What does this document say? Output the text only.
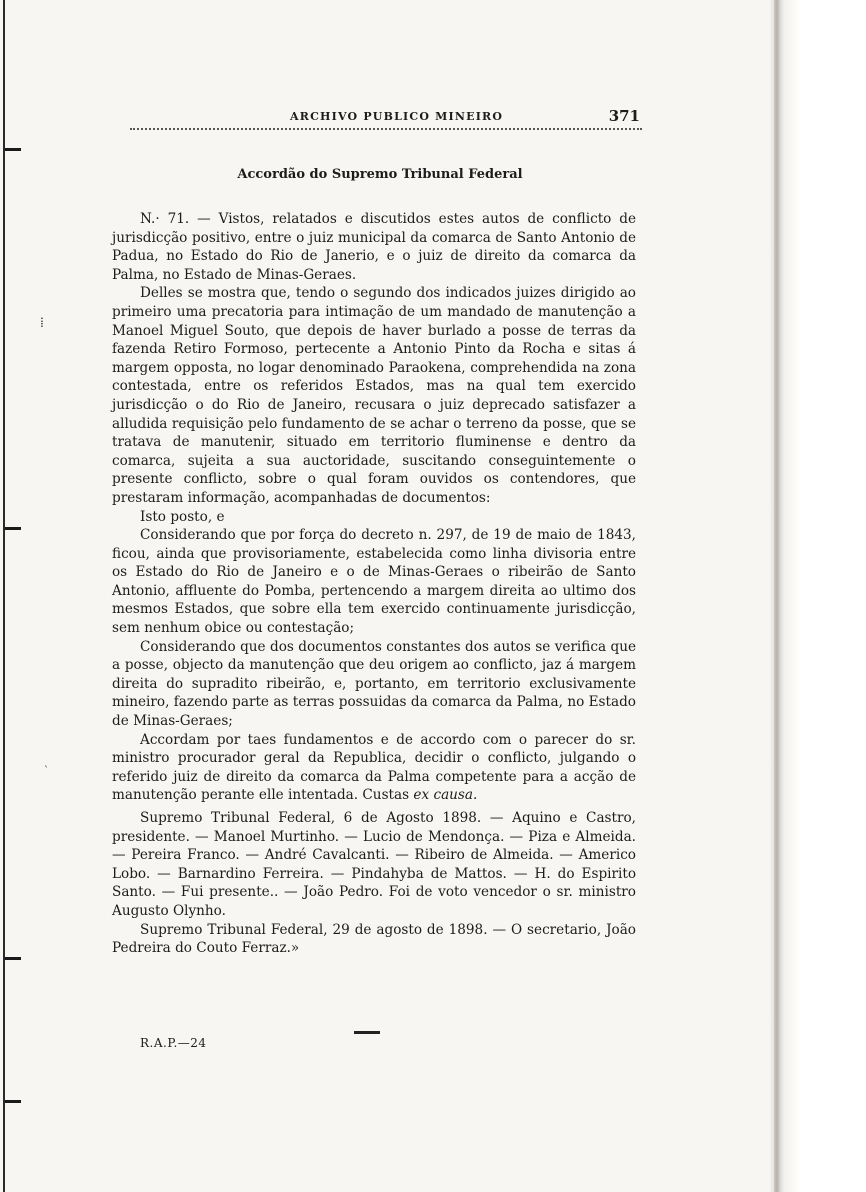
⁞
ˋ
ARCHIVO PUBLICO MINEIRO	371
Accordão do Supremo Tribunal Federal

N.· 71. — Vistos, relatados e discutidos estes autos de conflicto de jurisdicção positivo, entre o juiz municipal da comarca de Santo Antonio de Padua, no Estado do Rio de Janerio, e o juiz de direito da comarca da Palma, no Estado de Minas-Geraes.

Delles se mostra que, tendo o segundo dos indicados juizes dirigido ao primeiro uma precatoria para intimação de um mandado de manutenção a Manoel Miguel Souto, que depois de haver burlado a posse de terras da fazenda Retiro Formoso, pertecente a Antonio Pinto da Rocha e sitas á margem opposta, no logar denominado Paraokena, comprehendida na zona contestada, entre os referidos Estados, mas na qual tem exercido jurisdicção o do Rio de Janeiro, recusara o juiz deprecado satisfazer a alludida requisição pelo fundamento de se achar o terreno da posse, que se tratava de manutenir, situado em territorio fluminense e dentro da comarca, sujeita a sua auctoridade, suscitando conseguintemente o presente conflicto, sobre o qual foram ouvidos os contendores, que prestaram informação, acompanhadas de documentos:

Isto posto, e

Considerando que por força do decreto n. 297, de 19 de maio de 1843, ficou, ainda que provisoriamente, estabelecida como linha divisoria entre os Estado do Rio de Janeiro e o de Minas-Geraes o ribeirão de Santo Antonio, affluente do Pomba, pertencendo a margem direita ao ultimo dos mesmos Estados, que sobre ella tem exercido continuamente jurisdicção, sem nenhum obice ou contestação;

Considerando que dos documentos constantes dos autos se verifica que a posse, objecto da manutenção que deu origem ao conflicto, jaz á margem direita do supradito ribeirão, e, portanto, em territorio exclusivamente mineiro, fazendo parte as terras possuidas da comarca da Palma, no Estado de Minas-Geraes;

Accordam por taes fundamentos e de accordo com o parecer do sr. ministro procurador geral da Republica, decidir o conflicto, julgando o referido juiz de direito da comarca da Palma competente para a acção de manutenção perante elle intentada. Custas ex causa.

Supremo Tribunal Federal, 6 de Agosto 1898. — Aquino e Castro, presidente. — Manoel Murtinho. — Lucio de Mendonça. — Piza e Almeida. — Pereira Franco. — André Cavalcanti. — Ribeiro de Almeida. — Americo Lobo. — Barnardino Ferreira. — Pindahyba de Mattos. — H. do Espirito Santo. — Fui presente.. — João Pedro. Foi de voto vencedor o sr. ministro Augusto Olynho.

Supremo Tribunal Federal, 29 de agosto de 1898. — O secretario, João Pedreira do Couto Ferraz.»

R.A.P.—24
